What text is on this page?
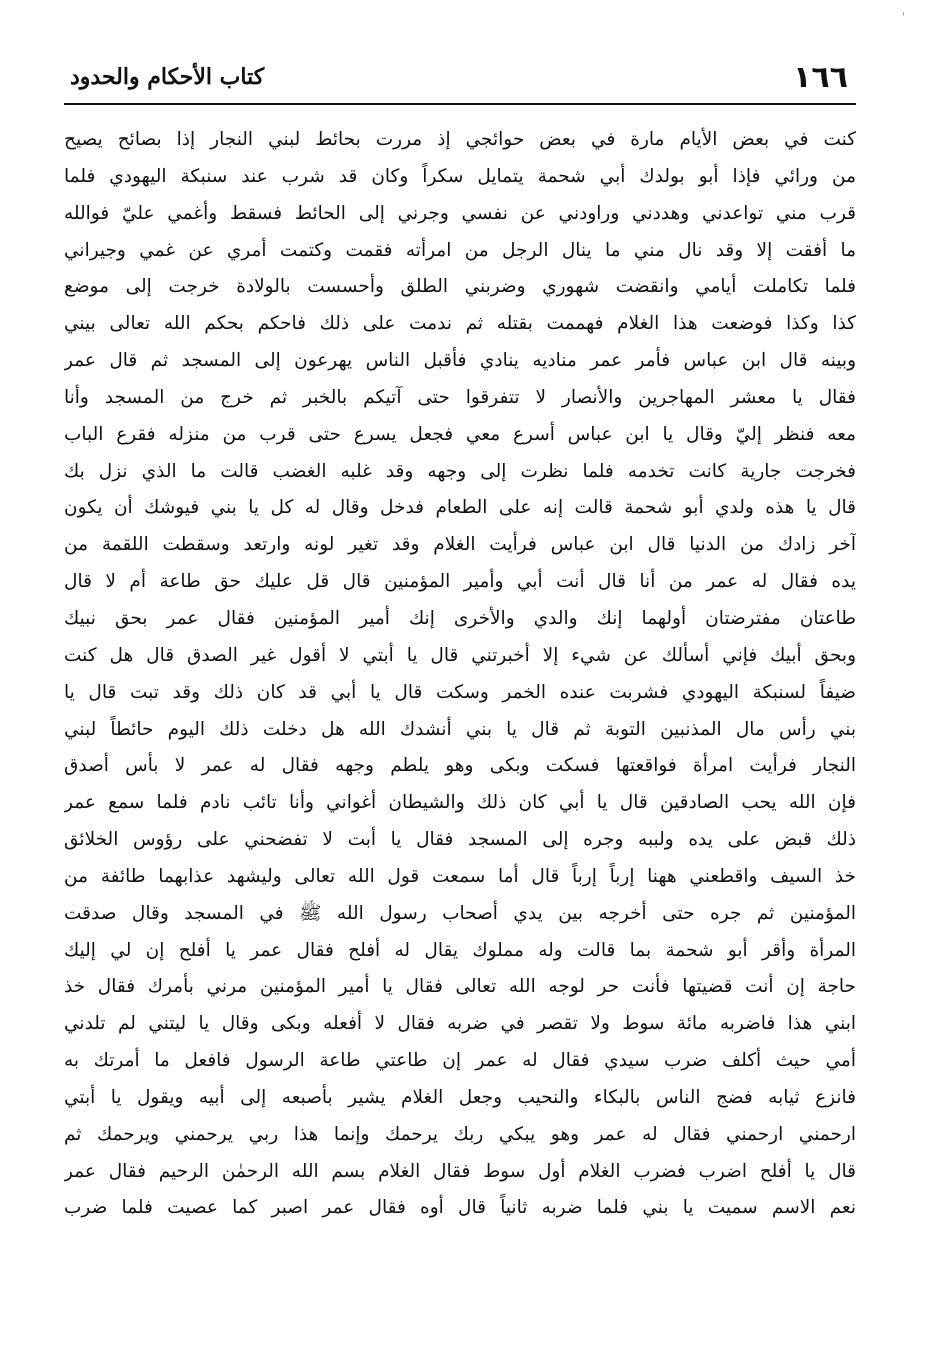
'
١٦٦
كتاب الأحكام والحدود
كنت في بعض الأيام مارة في بعض حوائجي إذ مررت بحائط لبني النجار إذا بصائح يصيح
من ورائي فإذا أبو بولدك أبي شحمة يتمايل سكراً وكان قد شرب عند سنبكة اليهودي فلما
قرب مني تواعدني وهددني وراودني عن نفسي وجرني إلى الحائط فسقط وأغمي عليّ فوالله
ما أفقت إلا وقد نال مني ما ينال الرجل من امرأته فقمت وكتمت أمري عن غمي وجيراني
فلما تكاملت أيامي وانقضت شهوري وضربني الطلق وأحسست بالولادة خرجت إلى موضع
كذا وكذا فوضعت هذا الغلام فهممت بقتله ثم ندمت على ذلك فاحكم بحكم الله تعالى بيني
وبينه قال ابن عباس فأمر عمر مناديه ينادي فأقبل الناس يهرعون إلى المسجد ثم قال عمر
فقال يا معشر المهاجرين والأنصار لا تتفرقوا حتى آتيكم بالخبر ثم خرج من المسجد وأنا
معه فنظر إليّ وقال يا ابن عباس أسرع معي فجعل يسرع حتى قرب من منزله فقرع الباب
فخرجت جارية كانت تخدمه فلما نظرت إلى وجهه وقد غلبه الغضب قالت ما الذي نزل بك
قال يا هذه ولدي أبو شحمة قالت إنه على الطعام فدخل وقال له كل يا بني فيوشك أن يكون
آخر زادك من الدنيا قال ابن عباس فرأيت الغلام وقد تغير لونه وارتعد وسقطت اللقمة من
يده فقال له عمر من أنا قال أنت أبي وأمير المؤمنين قال قل عليك حق طاعة أم لا قال
طاعتان مفترضتان أولهما إنك والدي والأخرى إنك أمير المؤمنين فقال عمر بحق نبيك
وبحق أبيك فإني أسألك عن شيء إلا أخبرتني قال يا أبتي لا أقول غير الصدق قال هل كنت
ضيفاً لسنبكة اليهودي فشربت عنده الخمر وسكت قال يا أبي قد كان ذلك وقد تبت قال يا
بني رأس مال المذنبين التوبة ثم قال يا بني أنشدك الله هل دخلت ذلك اليوم حائطاً لبني
النجار فرأيت امرأة فواقعتها فسكت وبكى وهو يلطم وجهه فقال له عمر لا بأس أصدق
فإن الله يحب الصادقين قال يا أبي كان ذلك والشيطان أغواني وأنا تائب نادم فلما سمع عمر
ذلك قبض على يده ولببه وجره إلى المسجد فقال يا أبت لا تفضحني على رؤوس الخلائق
خذ السيف واقطعني ههنا إرباً إرباً قال أما سمعت قول الله تعالى وليشهد عذابهما طائفة من
المؤمنين ثم جره حتى أخرجه بين يدي أصحاب رسول الله ﷺ في المسجد وقال صدقت
المرأة وأقر أبو شحمة بما قالت وله مملوك يقال له أفلح فقال عمر يا أفلح إن لي إليك
حاجة إن أنت قضيتها فأنت حر لوجه الله تعالى فقال يا أمير المؤمنين مرني بأمرك فقال خذ
ابني هذا فاضربه مائة سوط ولا تقصر في ضربه فقال لا أفعله وبكى وقال يا ليتني لم تلدني
أمي حيث أكلف ضرب سيدي فقال له عمر إن طاعتي طاعة الرسول فافعل ما أمرتك به
فانزع ثيابه فضج الناس بالبكاء والنحيب وجعل الغلام يشير بأصبعه إلى أبيه ويقول يا أبتي
ارحمني ارحمني فقال له عمر وهو يبكي ربك يرحمك وإنما هذا ربي يرحمني ويرحمك ثم
قال يا أفلح اضرب فضرب الغلام أول سوط فقال الغلام بسم الله الرحمٰن الرحيم فقال عمر
نعم الاسم سميت يا بني فلما ضربه ثانياً قال أوه فقال عمر اصبر كما عصيت فلما ضرب
